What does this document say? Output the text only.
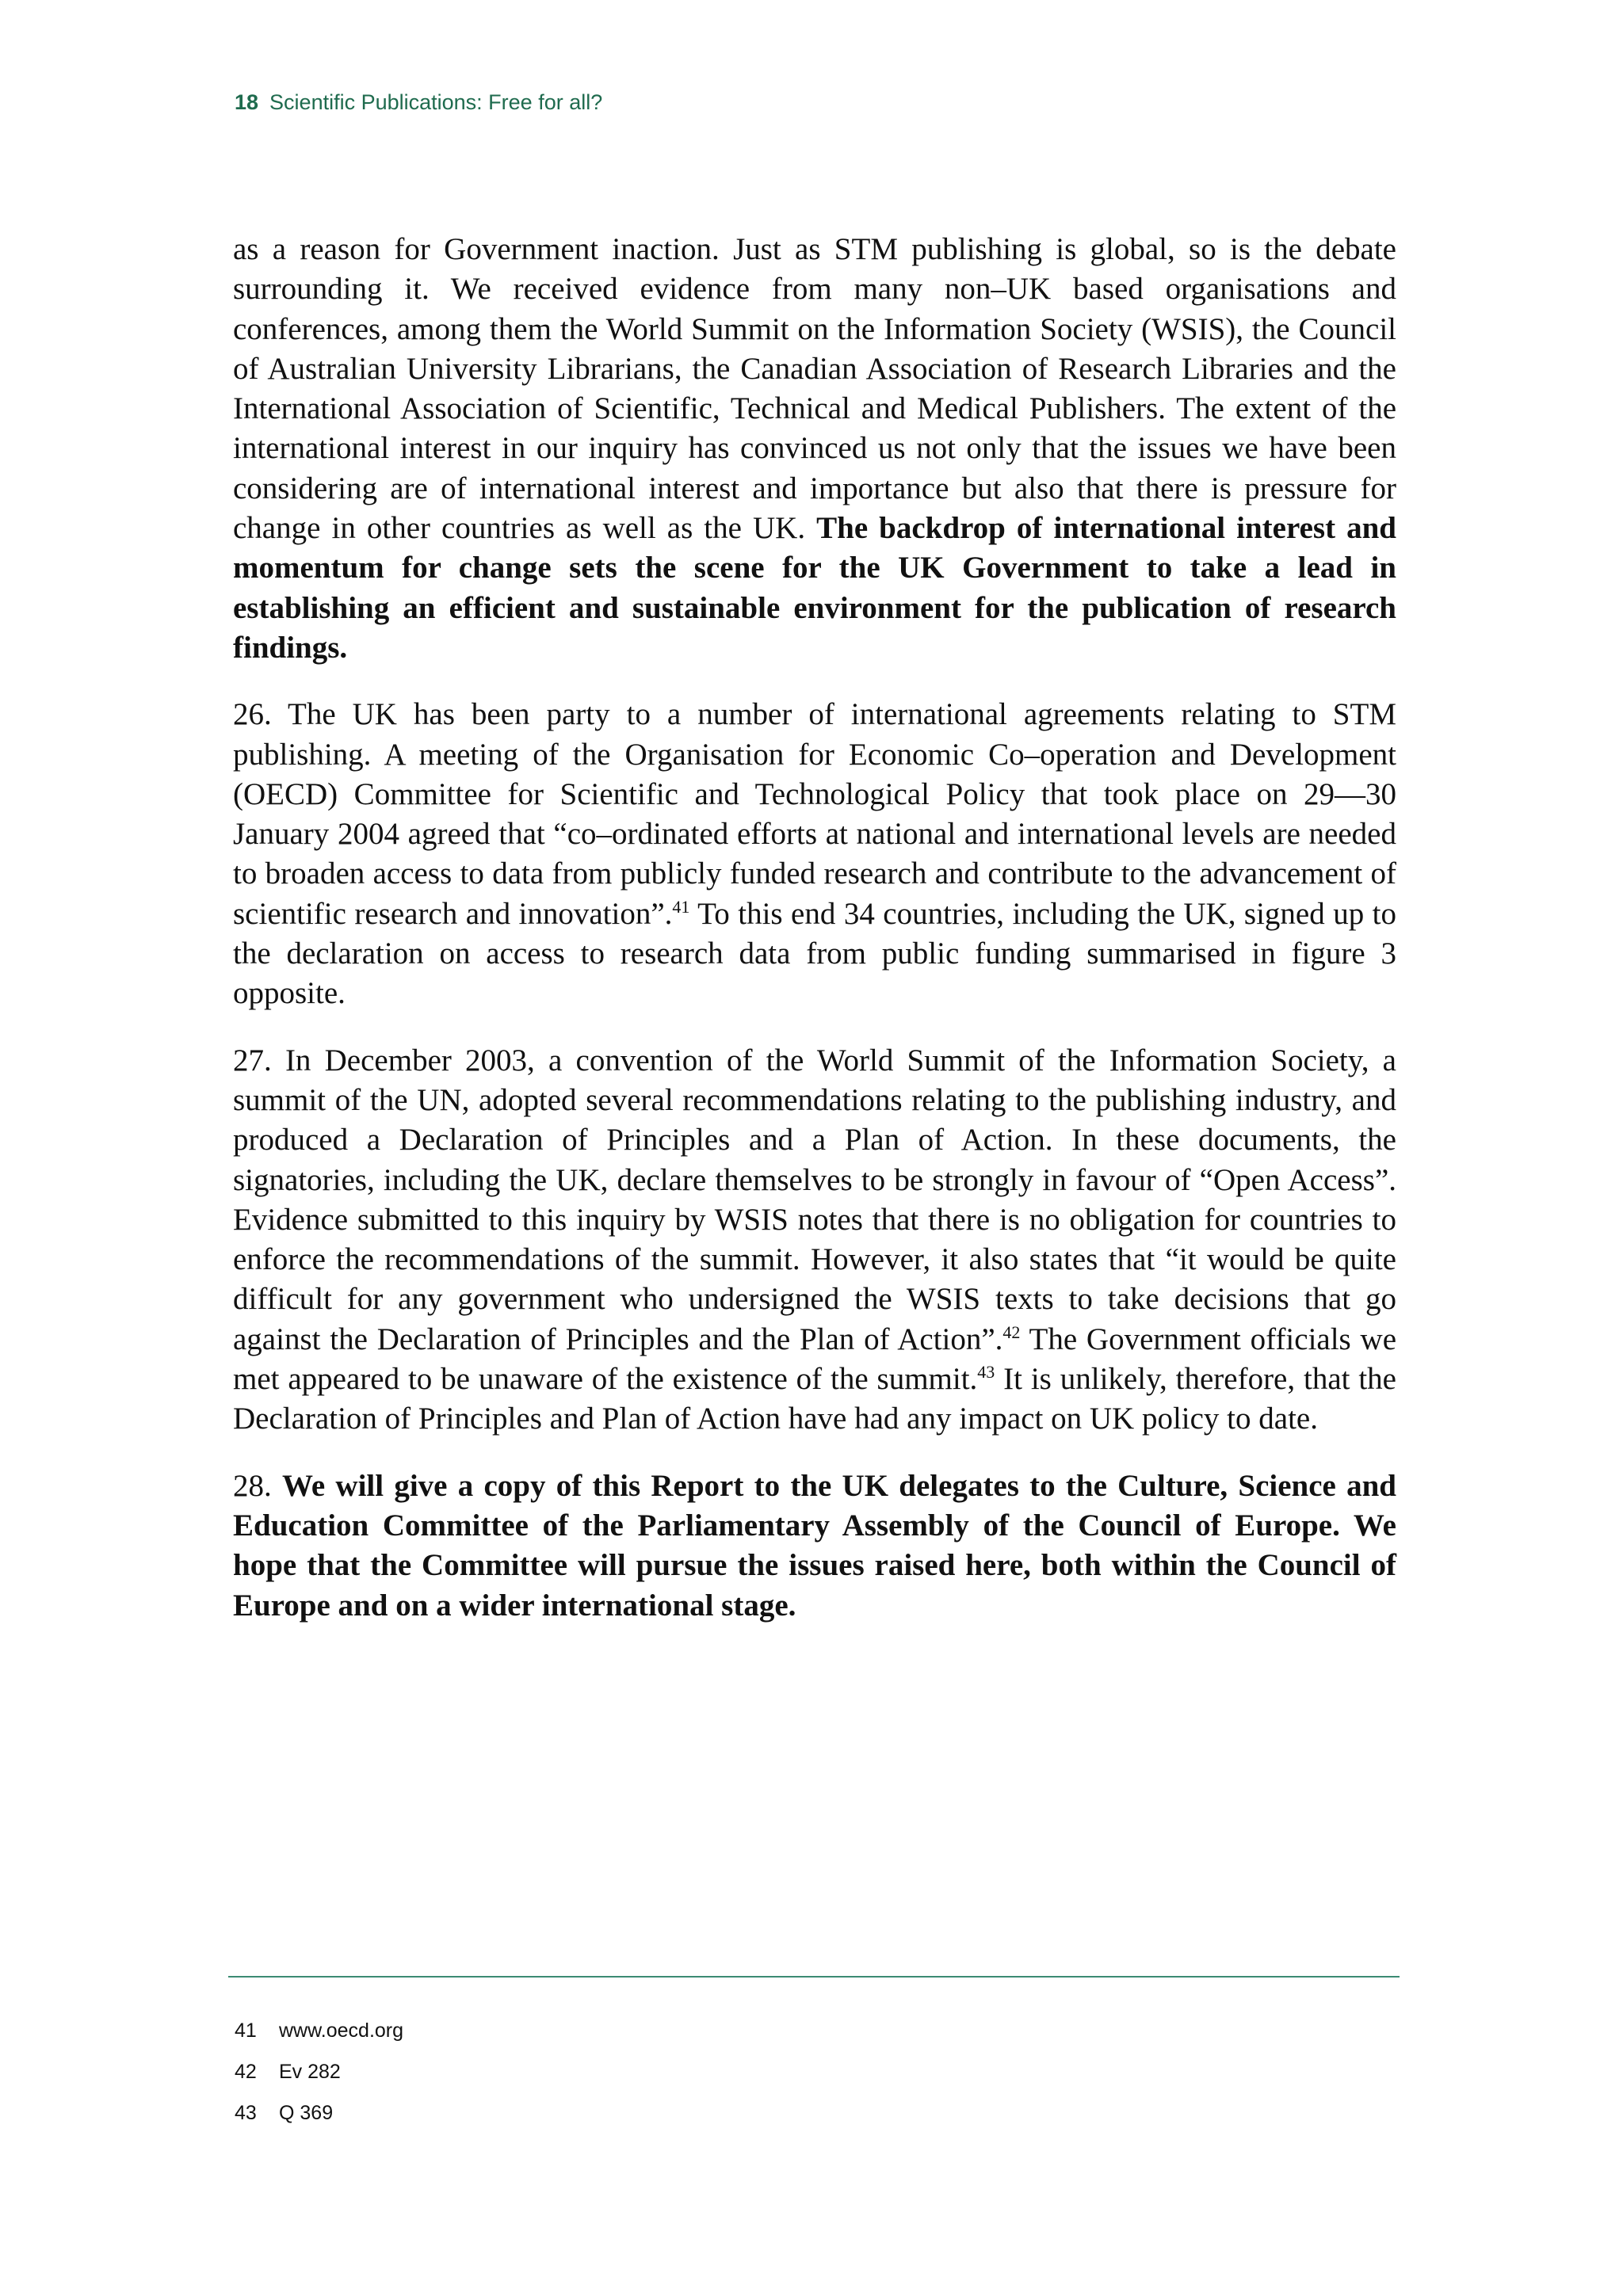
18 Scientific Publications: Free for all?

as a reason for Government inaction. Just as STM publishing is global, so is the debate surrounding it. We received evidence from many non–UK based organisations and conferences, among them the World Summit on the Information Society (WSIS), the Council of Australian University Librarians, the Canadian Association of Research Libraries and the International Association of Scientific, Technical and Medical Publishers. The extent of the international interest in our inquiry has convinced us not only that the issues we have been considering are of international interest and importance but also that there is pressure for change in other countries as well as the UK. The backdrop of international interest and momentum for change sets the scene for the UK Government to take a lead in establishing an efficient and sustainable environment for the publication of research findings.

26. The UK has been party to a number of international agreements relating to STM publishing. A meeting of the Organisation for Economic Co–operation and Development (OECD) Committee for Scientific and Technological Policy that took place on 29—30 January 2004 agreed that “co–ordinated efforts at national and international levels are needed to broaden access to data from publicly funded research and contribute to the advancement of scientific research and innovation”.$^{41}$ To this end 34 countries, including the UK, signed up to the declaration on access to research data from public funding summarised in figure 3 opposite.

27. In December 2003, a convention of the World Summit of the Information Society, a summit of the UN, adopted several recommendations relating to the publishing industry, and produced a Declaration of Principles and a Plan of Action. In these documents, the signatories, including the UK, declare themselves to be strongly in favour of “Open Access”. Evidence submitted to this inquiry by WSIS notes that there is no obligation for countries to enforce the recommendations of the summit. However, it also states that “it would be quite difficult for any government who undersigned the WSIS texts to take decisions that go against the Declaration of Principles and the Plan of Action”.$^{42}$ The Government officials we met appeared to be unaware of the existence of the summit.$^{43}$ It is unlikely, therefore, that the Declaration of Principles and Plan of Action have had any impact on UK policy to date.

28. We will give a copy of this Report to the UK delegates to the Culture, Science and Education Committee of the Parliamentary Assembly of the Council of Europe. We hope that the Committee will pursue the issues raised here, both within the Council of Europe and on a wider international stage.

41 www.oecd.org
42 Ev 282
43 Q 369
